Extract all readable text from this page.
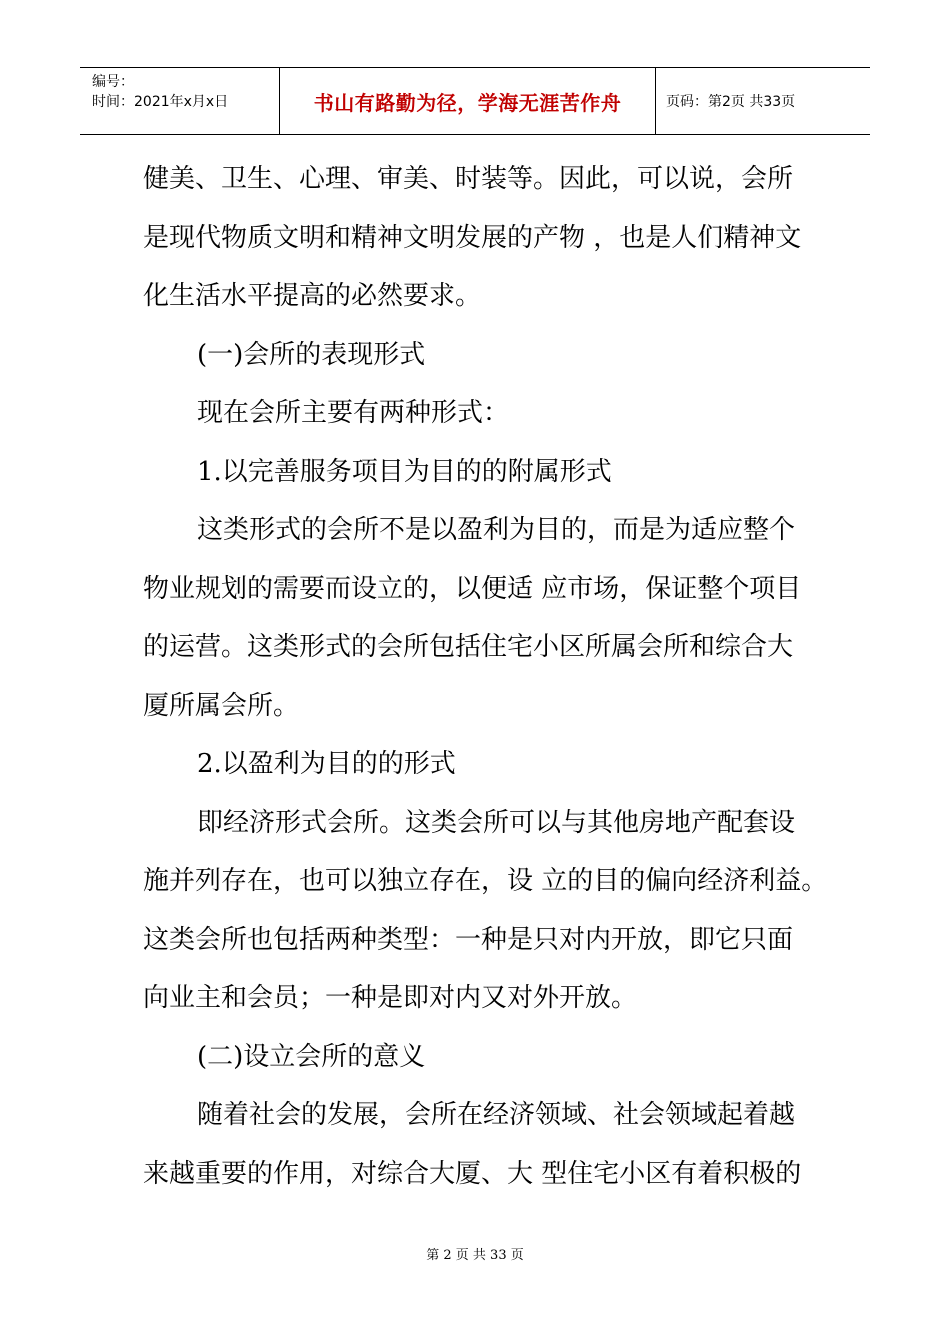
编号：
时间：2021年x月x日	书山有路勤为径，学海无涯苦作舟	页码：第2页 共33页

健美、卫生、心理、审美、时装等。因此，可以说，会所

是现代物质文明和精神文明发展的产物 ，也是人们精神文

化生活水平提高的必然要求。

(一)会所的表现形式

现在会所主要有两种形式：

1.以完善服务项目为目的的附属形式

这类形式的会所不是以盈利为目的，而是为适应整个

物业规划的需要而设立的，以便适 应市场，保证整个项目

的运营。这类形式的会所包括住宅小区所属会所和综合大

厦所属会所。

2.以盈利为目的的形式

即经济形式会所。这类会所可以与其他房地产配套设

施并列存在，也可以独立存在，设 立的目的偏向经济利益。

这类会所也包括两种类型：一种是只对内开放，即它只面

向业主和会员；一种是即对内又对外开放。

(二)设立会所的意义

随着社会的发展，会所在经济领域、社会领域起着越

来越重要的作用，对综合大厦、大 型住宅小区有着积极的

第 2 页 共 33 页
